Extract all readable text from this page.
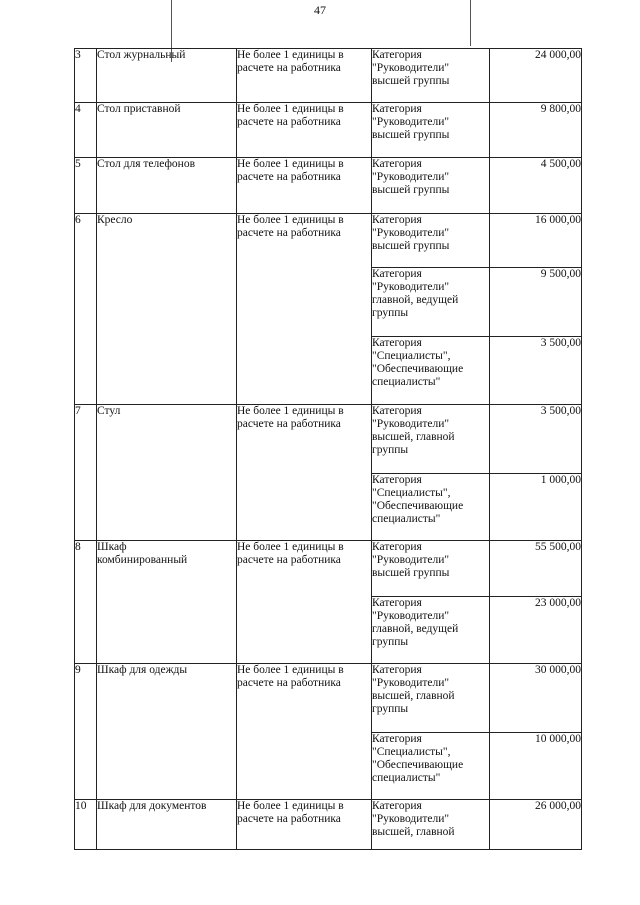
47
3	Стол журнальный	Не более 1 единицы в
расчете на работника	Категория
"Руководители"
высшей группы	24 000,00
4	Стол приставной	Не более 1 единицы в
расчете на работника	Категория
"Руководители"
высшей группы	9 800,00
5	Стол для телефонов	Не более 1 единицы в
расчете на работника	Категория
"Руководители"
высшей группы	4 500,00
6	Кресло	Не более 1 единицы в
расчете на работника	Категория
"Руководители"
высшей группы	16 000,00

			Категория
"Руководители"
главной, ведущей
группы	9 500,00

			Категория
"Специалисты",
"Обеспечивающие
специалисты"	3 500,00
7	Стул	Не более 1 единицы в
расчете на работника	Категория
"Руководители"
высшей, главной
группы	3 500,00

			Категория
"Специалисты",
"Обеспечивающие
специалисты"	1 000,00
8	Шкаф
комбинированный	Не более 1 единицы в
расчете на работника	Категория
"Руководители"
высшей группы	55 500,00

			Категория
"Руководители"
главной, ведущей
группы	23 000,00
9	Шкаф для одежды	Не более 1 единицы в
расчете на работника	Категория
"Руководители"
высшей, главной
группы	30 000,00

			Категория
"Специалисты",
"Обеспечивающие
специалисты"	10 000,00
10	Шкаф для документов	Не более 1 единицы в
расчете на работника	Категория
"Руководители"
высшей, главной	26 000,00
